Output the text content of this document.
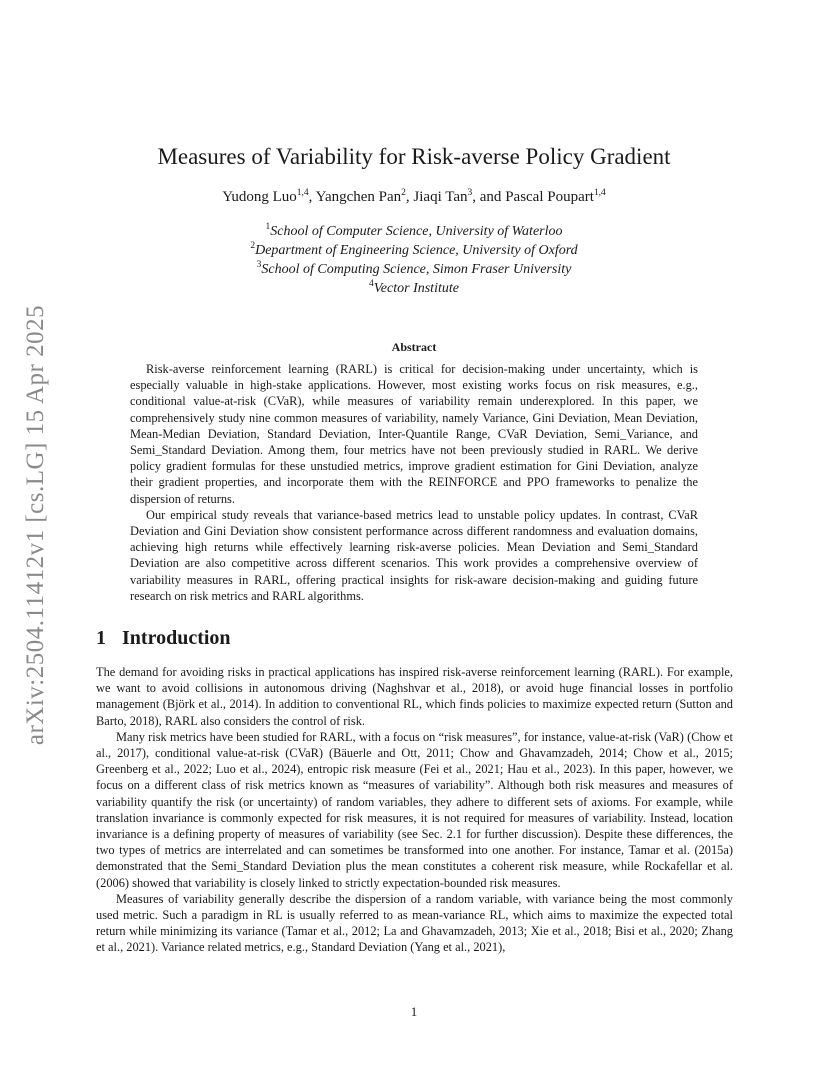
arXiv:2504.11412v1 [cs.LG] 15 Apr 2025
Measures of Variability for Risk-averse Policy Gradient
Yudong Luo$^{1,4}$, Yangchen Pan$^2$, Jiaqi Tan$^3$, and Pascal Poupart$^{1,4}$
$^1$School of Computer Science, University of Waterloo
$^2$Department of Engineering Science, University of Oxford
$^3$School of Computing Science, Simon Fraser University
$^4$Vector Institute
Abstract

Risk-averse reinforcement learning (RARL) is critical for decision-making under uncertainty, which is especially valuable in high-stake applications. However, most existing works focus on risk measures, e.g., conditional value-at-risk (CVaR), while measures of variability remain underexplored. In this paper, we comprehensively study nine common measures of variability, namely Variance, Gini Deviation, Mean Deviation, Mean-Median Deviation, Standard Deviation, Inter-Quantile Range, CVaR Deviation, Semi_Variance, and Semi_Standard Deviation. Among them, four metrics have not been previously studied in RARL. We derive policy gradient formulas for these unstudied metrics, improve gradient estimation for Gini Deviation, analyze their gradient properties, and incorporate them with the REINFORCE and PPO frameworks to penalize the dispersion of returns.

Our empirical study reveals that variance-based metrics lead to unstable policy updates. In contrast, CVaR Deviation and Gini Deviation show consistent performance across different randomness and evaluation domains, achieving high returns while effectively learning risk-averse policies. Mean Deviation and Semi_Standard Deviation are also competitive across different scenarios. This work provides a comprehensive overview of variability measures in RARL, offering practical insights for risk-aware decision-making and guiding future research on risk metrics and RARL algorithms.

1 Introduction

The demand for avoiding risks in practical applications has inspired risk-averse reinforcement learning (RARL). For example, we want to avoid collisions in autonomous driving (Naghshvar et al., 2018), or avoid huge financial losses in portfolio management (Björk et al., 2014). In addition to conventional RL, which finds policies to maximize expected return (Sutton and Barto, 2018), RARL also considers the control of risk.

Many risk metrics have been studied for RARL, with a focus on “risk measures”, for instance, value-at-risk (VaR) (Chow et al., 2017), conditional value-at-risk (CVaR) (Bäuerle and Ott, 2011; Chow and Ghavamzadeh, 2014; Chow et al., 2015; Greenberg et al., 2022; Luo et al., 2024), entropic risk measure (Fei et al., 2021; Hau et al., 2023). In this paper, however, we focus on a different class of risk metrics known as “measures of variability”. Although both risk measures and measures of variability quantify the risk (or uncertainty) of random variables, they adhere to different sets of axioms. For example, while translation invariance is commonly expected for risk measures, it is not required for measures of variability. Instead, location invariance is a defining property of measures of variability (see Sec. 2.1 for further discussion). Despite these differences, the two types of metrics are interrelated and can sometimes be transformed into one another. For instance, Tamar et al. (2015a) demonstrated that the Semi_Standard Deviation plus the mean constitutes a coherent risk measure, while Rockafellar et al. (2006) showed that variability is closely linked to strictly expectation-bounded risk measures.

Measures of variability generally describe the dispersion of a random variable, with variance being the most commonly used metric. Such a paradigm in RL is usually referred to as mean-variance RL, which aims to maximize the expected total return while minimizing its variance (Tamar et al., 2012; La and Ghavamzadeh, 2013; Xie et al., 2018; Bisi et al., 2020; Zhang et al., 2021). Variance related metrics, e.g., Standard Deviation (Yang et al., 2021),

1
